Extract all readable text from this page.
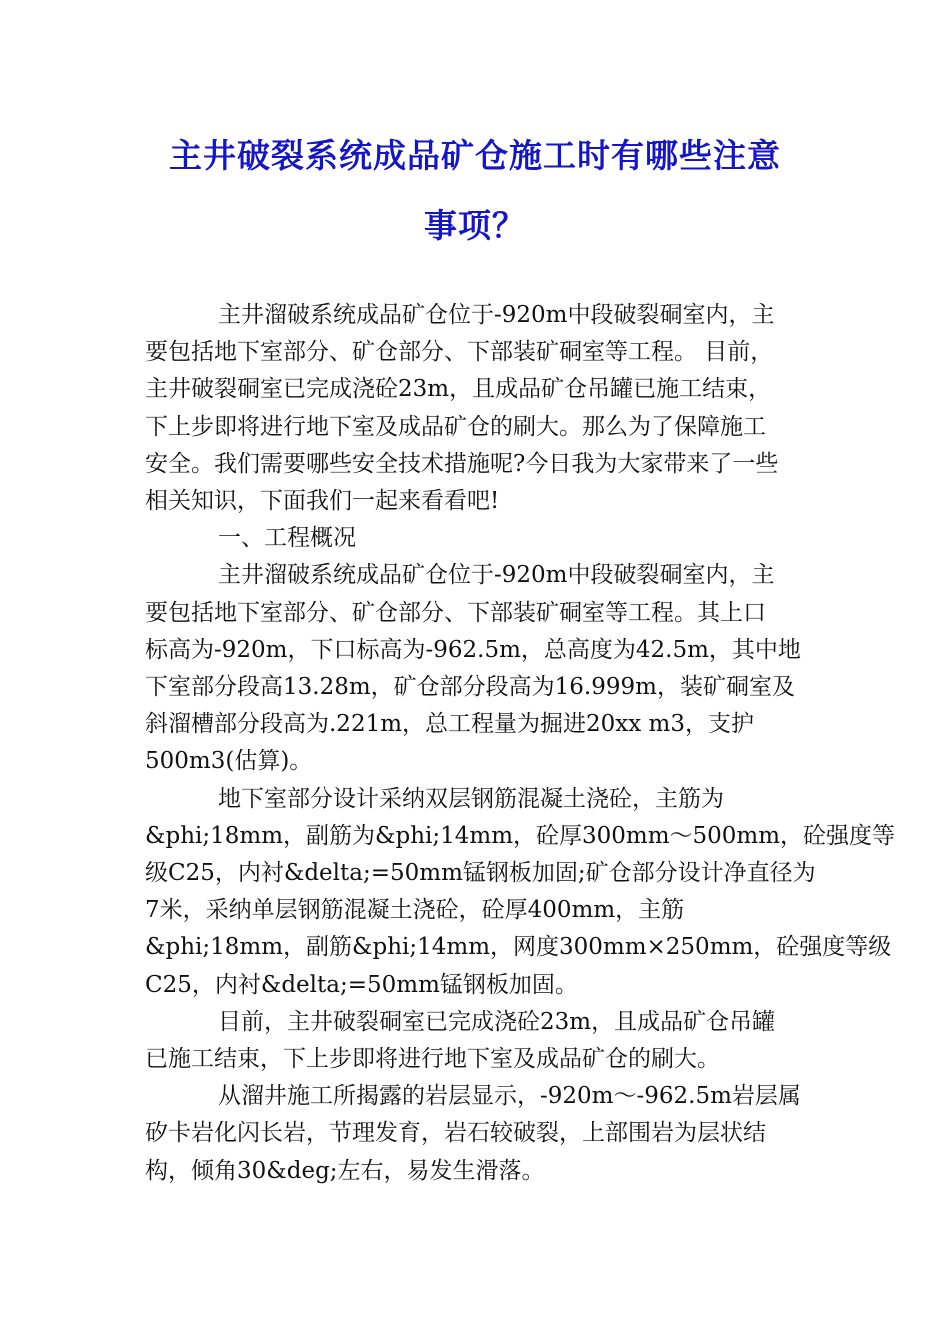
主井破裂系统成品矿仓施工时有哪些注意
事项？

主井溜破系统成品矿仓位于-920m中段破裂硐室内，主
要包括地下室部分、矿仓部分、下部装矿硐室等工程。 目前，
主井破裂硐室已完成浇砼23m，且成品矿仓吊罐已施工结束，
下上步即将进行地下室及成品矿仓的刷大。那么为了保障施工
安全。我们需要哪些安全技术措施呢?今日我为大家带来了一些
相关知识，下面我们一起来看看吧!

一、工程概况

主井溜破系统成品矿仓位于-920m中段破裂硐室内，主
要包括地下室部分、矿仓部分、下部装矿硐室等工程。其上口
标高为-920m，下口标高为-962.5m，总高度为42.5m，其中地
下室部分段高13.28m，矿仓部分段高为16.999m，装矿硐室及
斜溜槽部分段高为.221m，总工程量为掘进20xx m3，支护
500m3(估算)。

地下室部分设计采纳双层钢筋混凝土浇砼，主筋为
&phi;18mm，副筋为&phi;14mm，砼厚300mm～500mm，砼强度等
级C25，内衬&delta;=50mm锰钢板加固;矿仓部分设计净直径为
7米，采纳单层钢筋混凝土浇砼，砼厚400mm，主筋
&phi;18mm，副筋&phi;14mm，网度300mm×250mm，砼强度等级
C25，内衬&delta;=50mm锰钢板加固。

目前，主井破裂硐室已完成浇砼23m，且成品矿仓吊罐
已施工结束，下上步即将进行地下室及成品矿仓的刷大。

从溜井施工所揭露的岩层显示，-920m～-962.5m岩层属
矽卡岩化闪长岩，节理发育，岩石较破裂，上部围岩为层状结
构，倾角30&deg;左右，易发生滑落。
